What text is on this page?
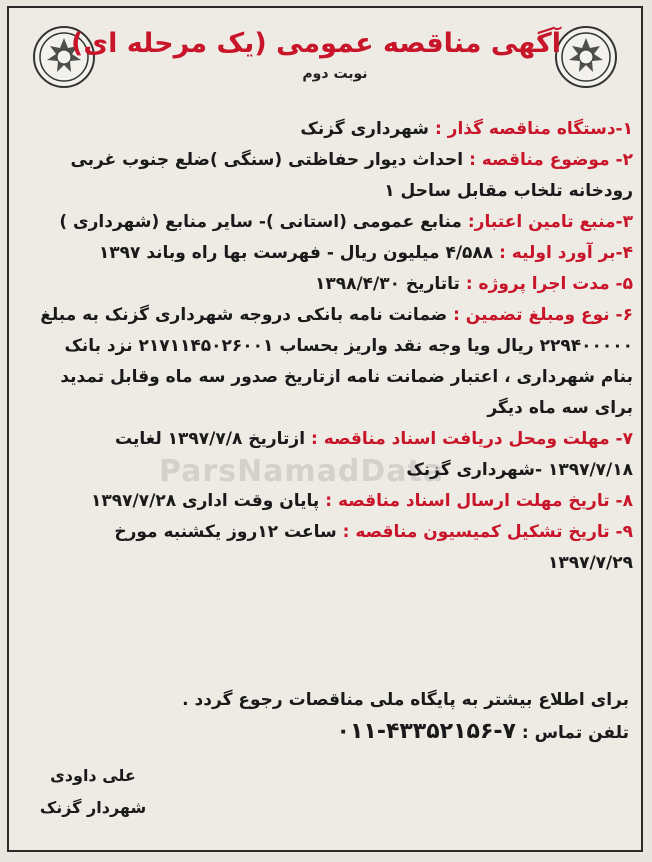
ParsNamadData
آگهی مناقصه عمومی (یک مرحله ای)
نوبت دوم

۱-دستگاه مناقصه گذار : شهرداری گزنک

۲- موضوع مناقصه : احداث دیوار حفاظتی (سنگی )ضلع جنوب غربی رودخانه تلخاب مقابل ساحل ۱

۳-منبع تامین اعتبار: منابع عمومی (استانی )- سایر منابع (شهرداری )

۴-بر آورد اولیه : ۴/۵۸۸ میلیون ریال - فهرست بها راه وباند ۱۳۹۷

۵- مدت اجرا پروژه : تاتاریخ ۱۳۹۸/۴/۳۰

۶- نوع ومبلغ تضمین : ضمانت نامه بانکی دروجه شهرداری گزنک به مبلغ ۲۲۹۴۰۰۰۰۰ ریال ویا وجه نقد واریز بحساب ۲۱۷۱۱۴۵۰۲۶۰۰۱ نزد بانک بنام شهرداری ، اعتبار ضمانت نامه ازتاریخ صدور سه ماه وقابل تمدید برای سه ماه دیگر

۷- مهلت ومحل دریافت اسناد مناقصه : ازتاریخ ۱۳۹۷/۷/۸ لغایت ۱۳۹۷/۷/۱۸ -شهرداری گزنک

۸- تاریخ مهلت ارسال اسناد مناقصه : پایان وقت اداری ۱۳۹۷/۷/۲۸

۹- تاریخ تشکیل کمیسیون مناقصه : ساعت ۱۲روز یکشنبه مورخ ۱۳۹۷/۷/۲۹

برای اطلاع بیشتر به پایگاه ملی مناقصات رجوع گردد .
تلفن تماس : ۷-۴۳۳۵۲۱۵۶-۰۱۱
علی داودی
شهردار گزنک
